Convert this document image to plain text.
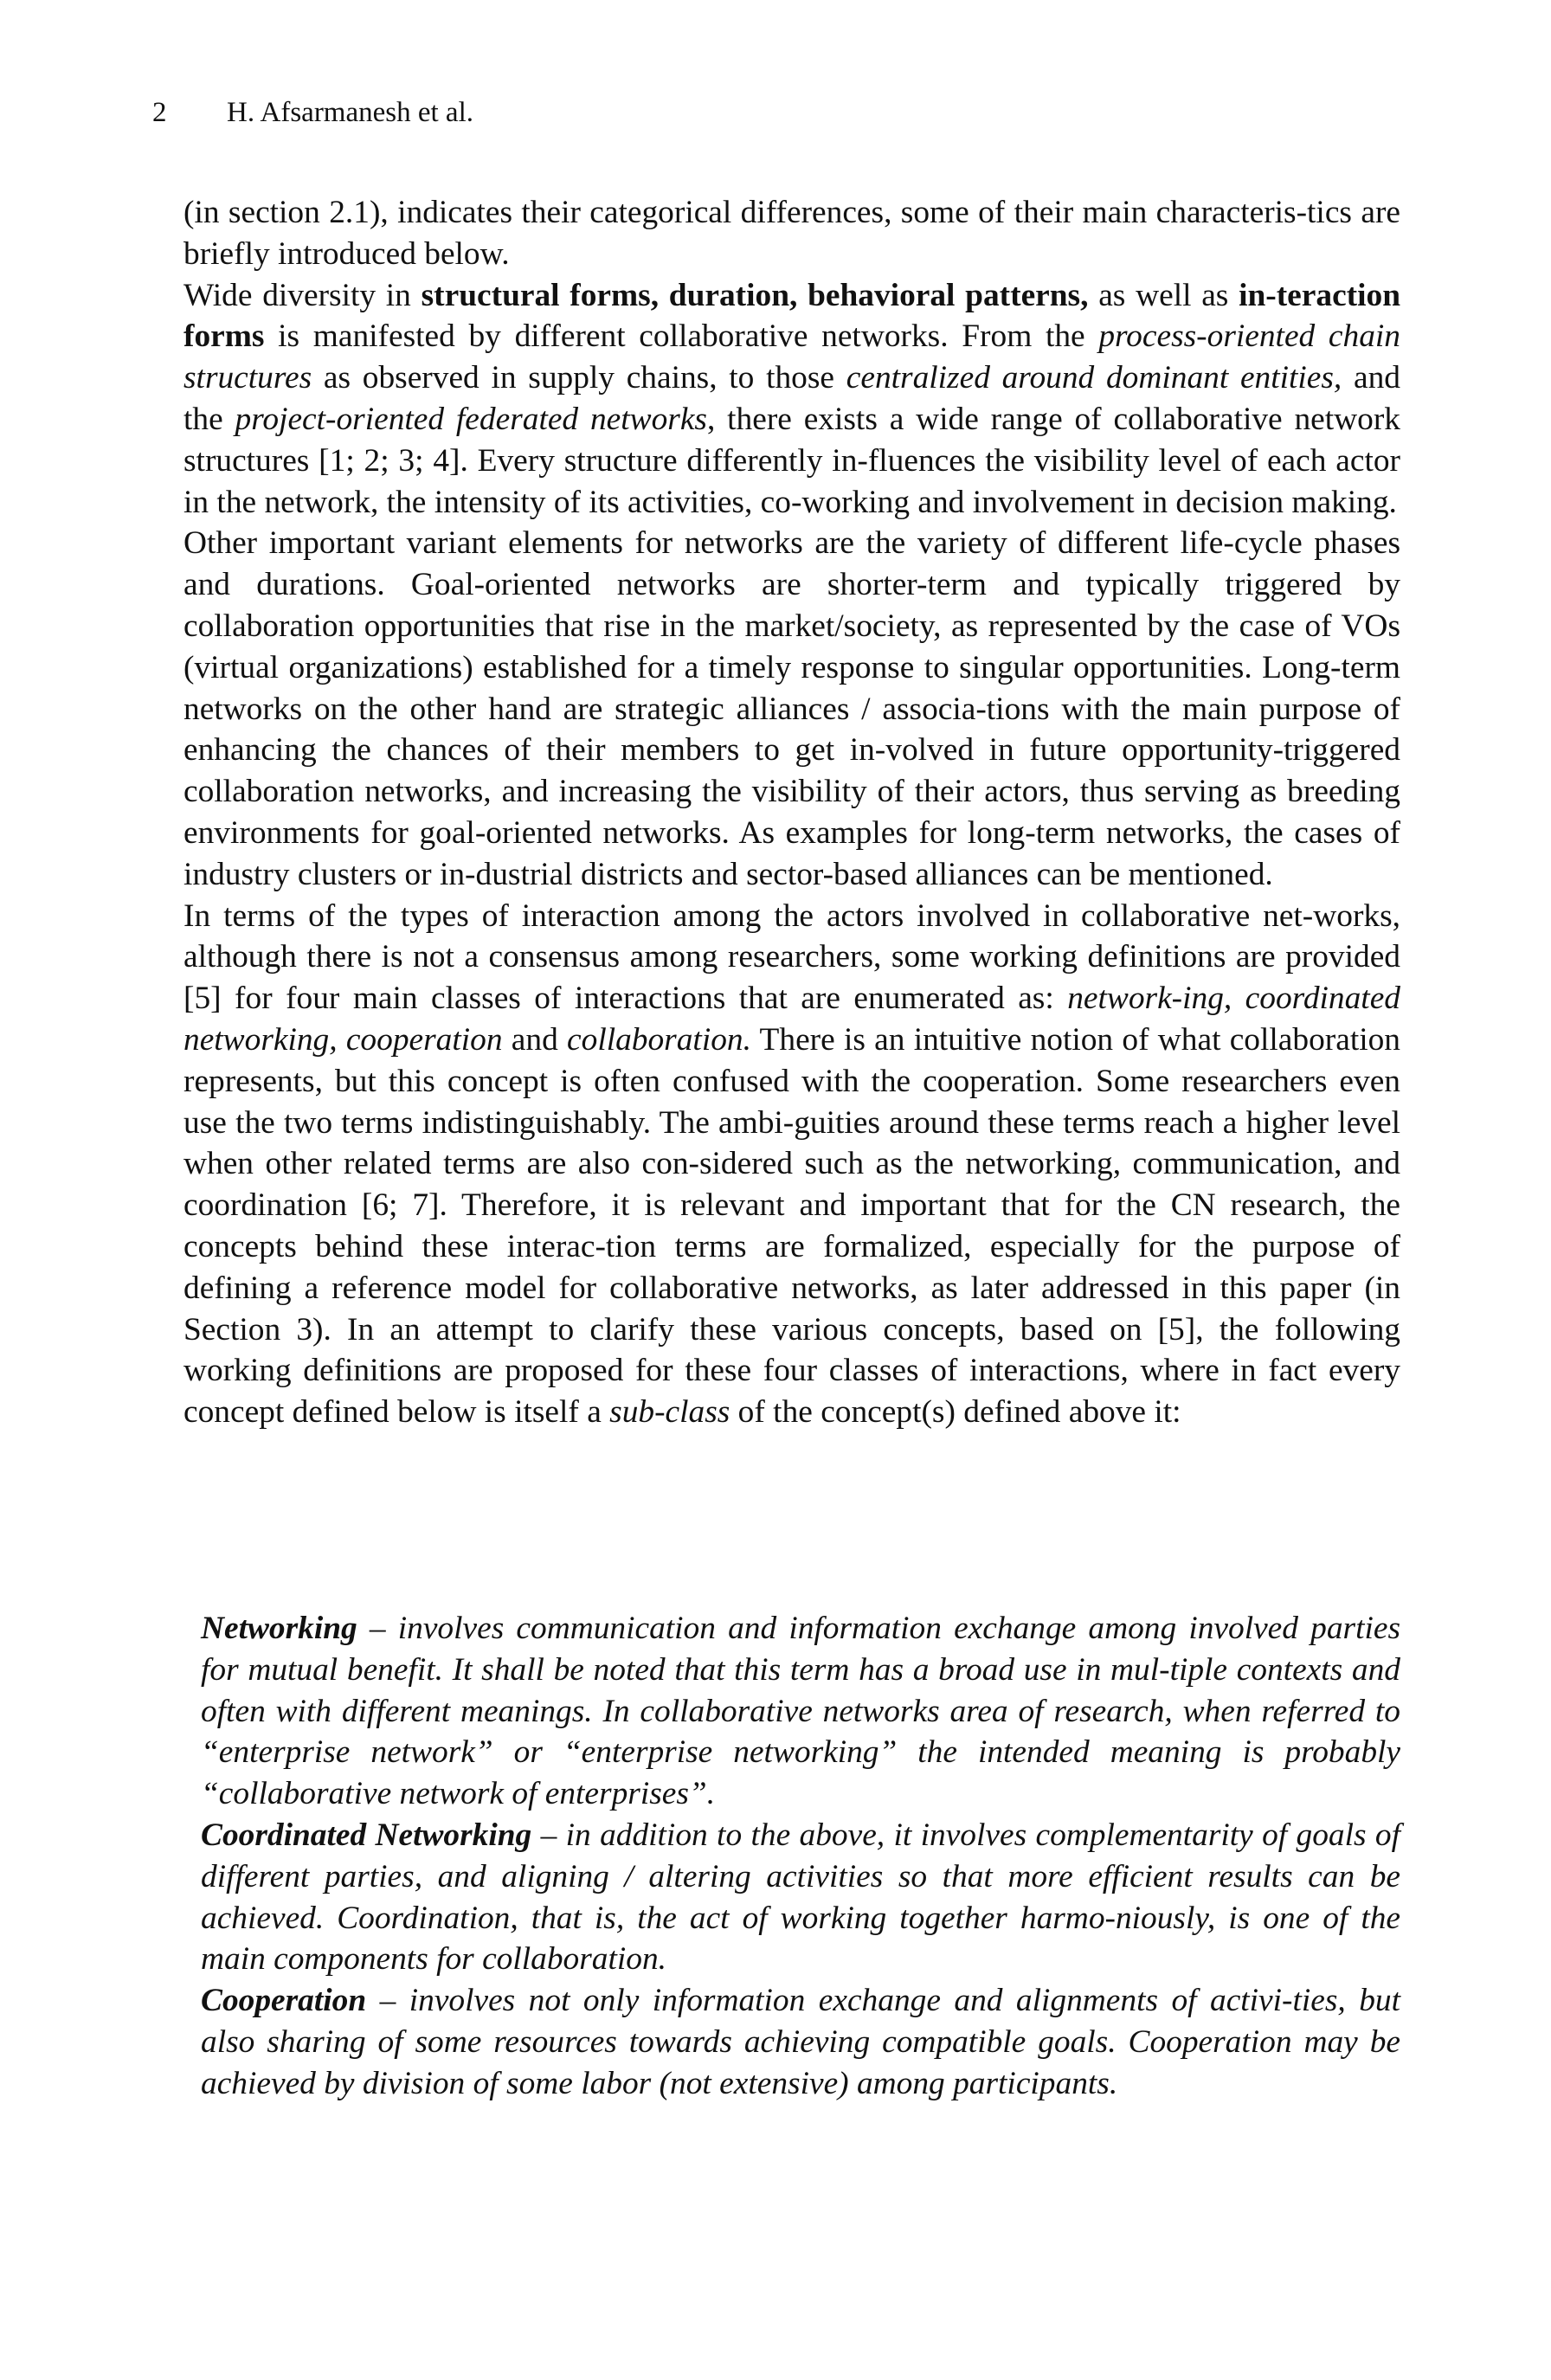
2 H. Afsarmanesh et al.

(in section 2.1), indicates their categorical differences, some of their main characteris-tics are briefly introduced below.

Wide diversity in structural forms, duration, behavioral patterns, as well as in-teraction forms is manifested by different collaborative networks. From the process-oriented chain structures as observed in supply chains, to those centralized around dominant entities, and the project-oriented federated networks, there exists a wide range of collaborative network structures [1; 2; 3; 4]. Every structure differently in-fluences the visibility level of each actor in the network, the intensity of its activities, co-working and involvement in decision making.

Other important variant elements for networks are the variety of different life-cycle phases and durations. Goal-oriented networks are shorter-term and typically triggered by collaboration opportunities that rise in the market/society, as represented by the case of VOs (virtual organizations) established for a timely response to singular opportunities. Long-term networks on the other hand are strategic alliances / associa-tions with the main purpose of enhancing the chances of their members to get in-volved in future opportunity-triggered collaboration networks, and increasing the visibility of their actors, thus serving as breeding environments for goal-oriented networks. As examples for long-term networks, the cases of industry clusters or in-dustrial districts and sector-based alliances can be mentioned.

In terms of the types of interaction among the actors involved in collaborative net-works, although there is not a consensus among researchers, some working definitions are provided [5] for four main classes of interactions that are enumerated as: network-ing, coordinated networking, cooperation and collaboration. There is an intuitive notion of what collaboration represents, but this concept is often confused with the cooperation. Some researchers even use the two terms indistinguishably. The ambi-guities around these terms reach a higher level when other related terms are also con-sidered such as the networking, communication, and coordination [6; 7]. Therefore, it is relevant and important that for the CN research, the concepts behind these interac-tion terms are formalized, especially for the purpose of defining a reference model for collaborative networks, as later addressed in this paper (in Section 3). In an attempt to clarify these various concepts, based on [5], the following working definitions are proposed for these four classes of interactions, where in fact every concept defined below is itself a sub-class of the concept(s) defined above it:

Networking – involves communication and information exchange among involved parties for mutual benefit. It shall be noted that this term has a broad use in mul-tiple contexts and often with different meanings. In collaborative networks area of research, when referred to “enterprise network” or “enterprise networking” the intended meaning is probably “collaborative network of enterprises”.

Coordinated Networking – in addition to the above, it involves complementarity of goals of different parties, and aligning / altering activities so that more efficient results can be achieved. Coordination, that is, the act of working together harmo-niously, is one of the main components for collaboration.

Cooperation – involves not only information exchange and alignments of activi-ties, but also sharing of some resources towards achieving compatible goals. Cooperation may be achieved by division of some labor (not extensive) among participants.
